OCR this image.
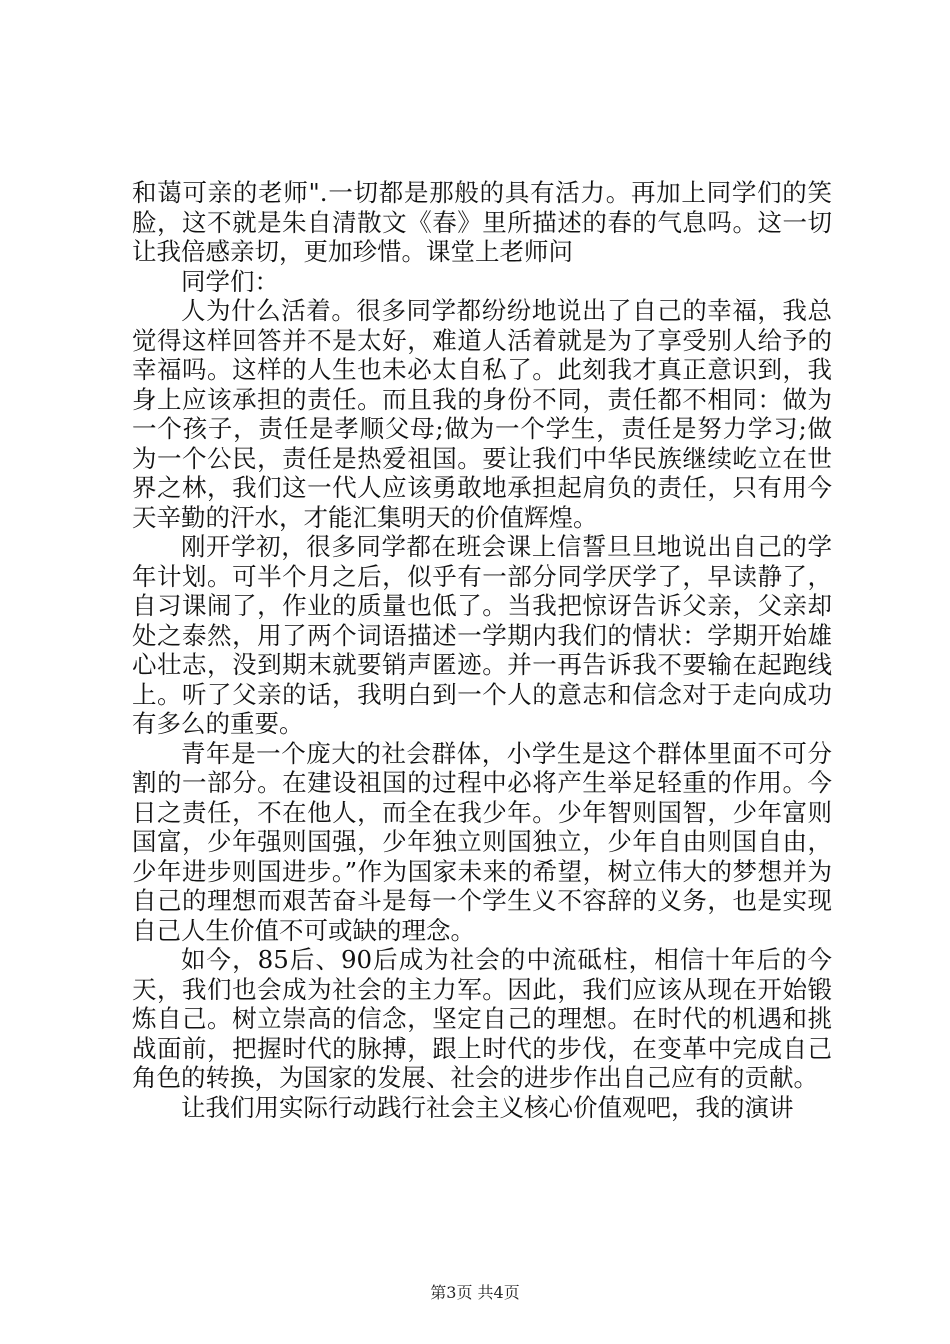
和蔼可亲的老师".一切都是那般的具有活力。再加上同学们的笑脸，这不就是朱自清散文《春》里所描述的春的气息吗。这一切让我倍感亲切，更加珍惜。课堂上老师问

同学们：

人为什么活着。很多同学都纷纷地说出了自己的幸福，我总觉得这样回答并不是太好，难道人活着就是为了享受别人给予的幸福吗。这样的人生也未必太自私了。此刻我才真正意识到，我身上应该承担的责任。而且我的身份不同，责任都不相同：做为一个孩子，责任是孝顺父母;做为一个学生，责任是努力学习;做为一个公民，责任是热爱祖国。要让我们中华民族继续屹立在世界之林，我们这一代人应该勇敢地承担起肩负的责任，只有用今天辛勤的汗水，才能汇集明天的价值辉煌。

刚开学初，很多同学都在班会课上信誓旦旦地说出自己的学年计划。可半个月之后，似乎有一部分同学厌学了，早读静了，自习课闹了，作业的质量也低了。当我把惊讶告诉父亲，父亲却处之泰然，用了两个词语描述一学期内我们的情状：学期开始雄心壮志，没到期末就要销声匿迹。并一再告诉我不要输在起跑线上。听了父亲的话，我明白到一个人的意志和信念对于走向成功有多么的重要。

青年是一个庞大的社会群体，小学生是这个群体里面不可分割的一部分。在建设祖国的过程中必将产生举足轻重的作用。今日之责任，不在他人，而全在我少年。少年智则国智，少年富则国富，少年强则国强，少年独立则国独立，少年自由则国自由，少年进步则国进步。”作为国家未来的希望，树立伟大的梦想并为自己的理想而艰苦奋斗是每一个学生义不容辞的义务，也是实现自己人生价值不可或缺的理念。

如今，85后、90后成为社会的中流砥柱，相信十年后的今天，我们也会成为社会的主力军。因此，我们应该从现在开始锻炼自己。树立崇高的信念，坚定自己的理想。在时代的机遇和挑战面前，把握时代的脉搏，跟上时代的步伐，在变革中完成自己角色的转换，为国家的发展、社会的进步作出自己应有的贡献。

让我们用实际行动践行社会主义核心价值观吧，我的演讲

第3页 共4页
